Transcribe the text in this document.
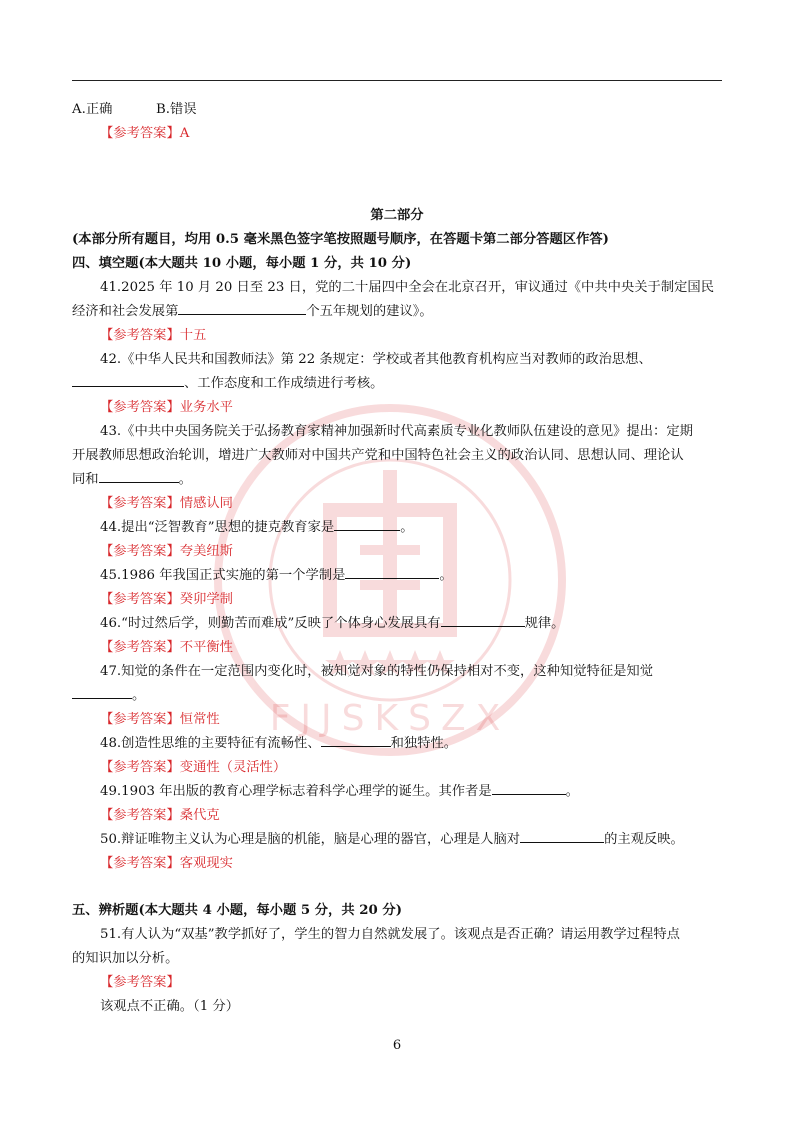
FJJSKSZX
A.正确	B.错误
【参考答案】A
第二部分
(本部分所有题目，均用 0.5 毫米黑色签字笔按照题号顺序，在答题卡第二部分答题区作答)
四、填空题(本大题共 10 小题，每小题 1 分，共 10 分)
41.2025 年 10 月 20 日至 23 日，党的二十届四中全会在北京召开，审议通过《中共中央关于制定国民
经济和社会发展第	个五年规划的建议》。
【参考答案】十五
42.《中华人民共和国教师法》第 22 条规定：学校或者其他教育机构应当对教师的政治思想、
、工作态度和工作成绩进行考核。
【参考答案】业务水平
43.《中共中央国务院关于弘扬教育家精神加强新时代高素质专业化教师队伍建设的意见》提出：定期
开展教师思想政治轮训，增进广大教师对中国共产党和中国特色社会主义的政治认同、思想认同、理论认
同和	。
【参考答案】情感认同
44.提出“泛智教育”思想的捷克教育家是	。
【参考答案】夸美纽斯
45.1986 年我国正式实施的第一个学制是	。
【参考答案】癸卯学制
46.“时过然后学，则勤苦而难成”反映了个体身心发展具有	规律。
【参考答案】不平衡性
47.知觉的条件在一定范围内变化时，被知觉对象的特性仍保持相对不变，这种知觉特征是知觉
。
【参考答案】恒常性
48.创造性思维的主要特征有流畅性、	和独特性。
【参考答案】变通性（灵活性）
49.1903 年出版的教育心理学标志着科学心理学的诞生。其作者是	。
【参考答案】桑代克
50.辩证唯物主义认为心理是脑的机能，脑是心理的器官，心理是人脑对	的主观反映。
【参考答案】客观现实
五、辨析题(本大题共 4 小题，每小题 5 分，共 20 分)
51.有人认为“双基”教学抓好了，学生的智力自然就发展了。该观点是否正确？请运用教学过程特点
的知识加以分析。
【参考答案】
该观点不正确。（1 分）
6
